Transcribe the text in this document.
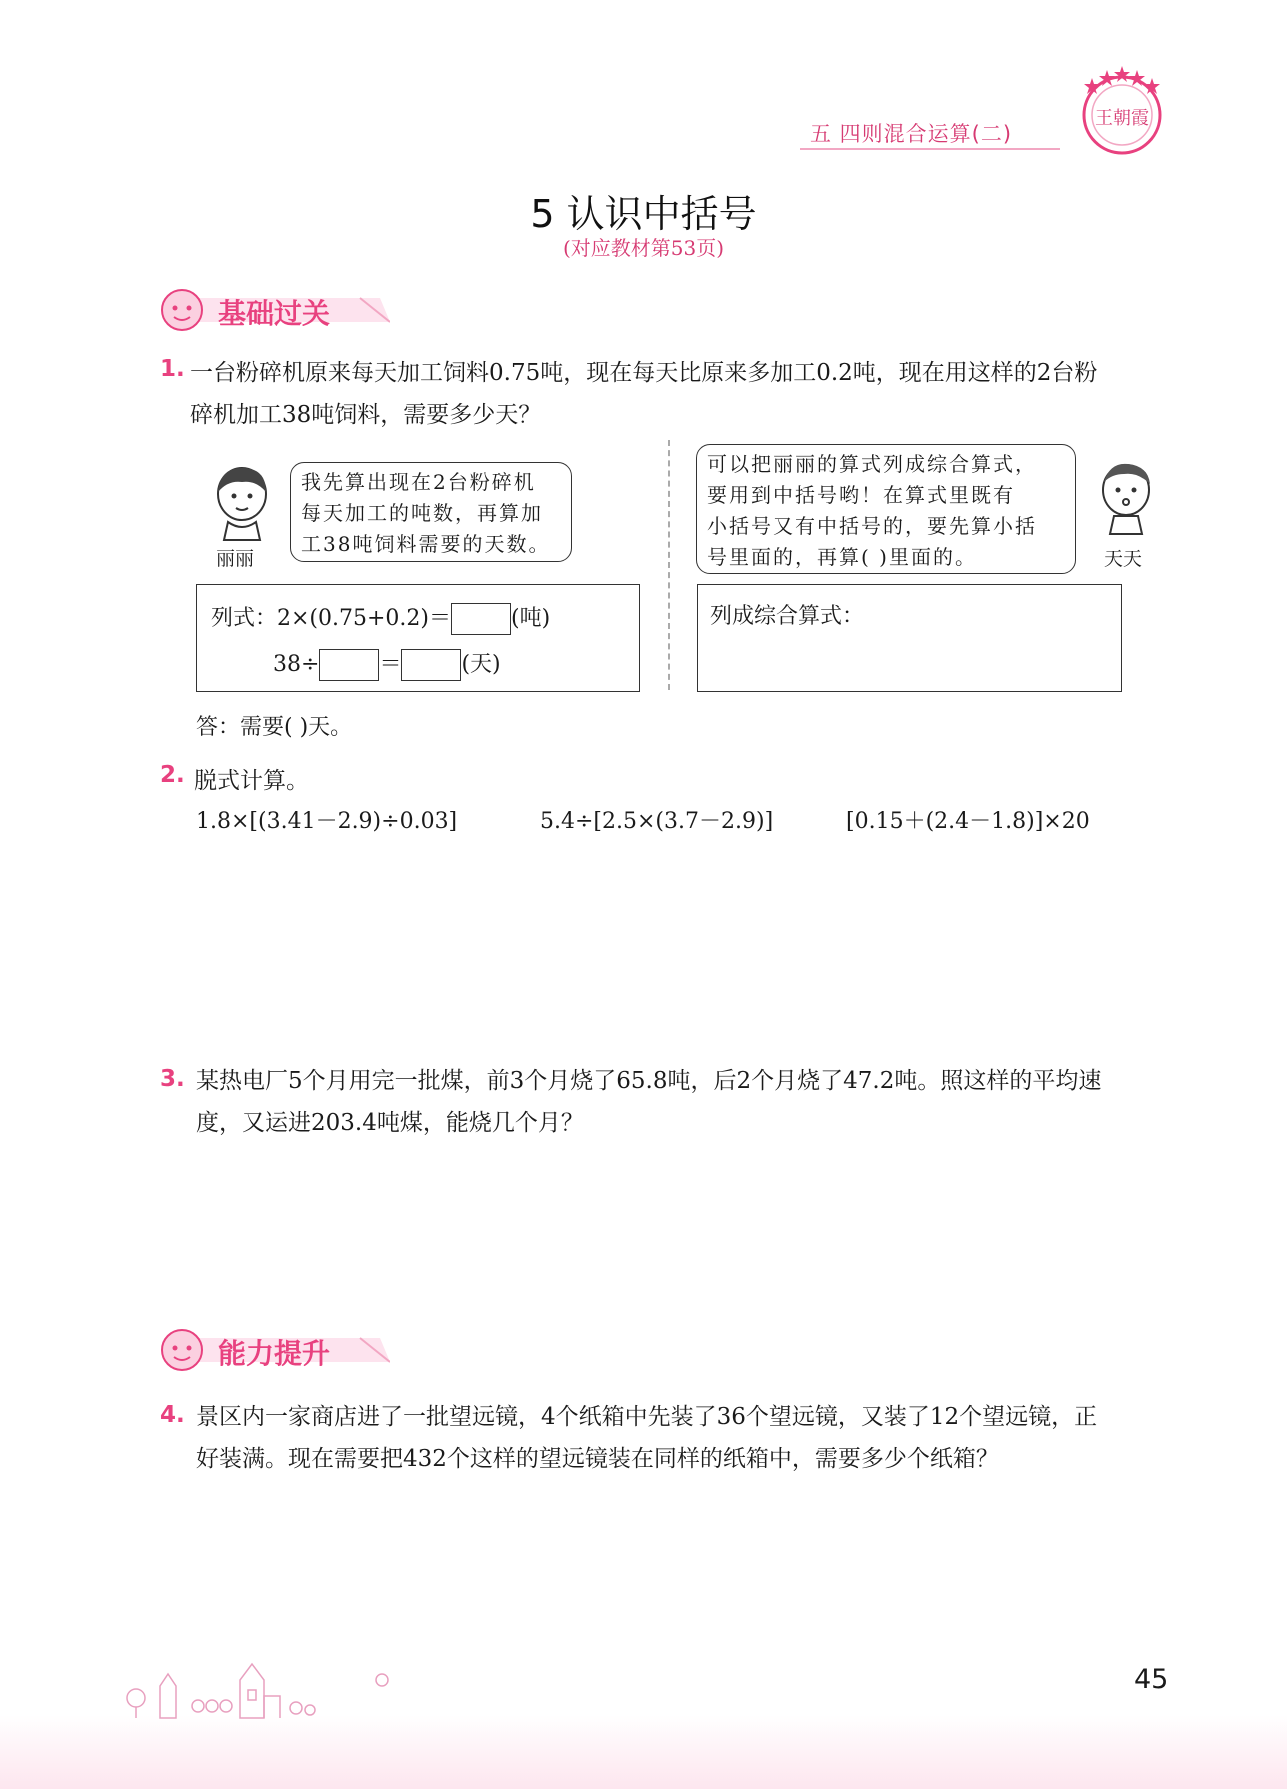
五 四则混合运算(二)
王朝霞
5 认识中括号
(对应教材第53页)
基础过关
1. 一台粉碎机原来每天加工饲料0.75吨，现在每天比原来多加工0.2吨，现在用这样的2台粉
碎机加工38吨饲料，需要多少天？
丽丽
我先算出现在2台粉碎机
每天加工的吨数，再算加
工38吨饲料需要的天数。
可以把丽丽的算式列成综合算式，
要用到中括号哟！在算式里既有
小括号又有中括号的，要先算小括
号里面的，再算( )里面的。	天天
列式：2×(0.75+0.2)＝	(吨)
38÷	＝	(天)
列成综合算式：
答：需要( )天。
2. 脱式计算。
1.8×[(3.41－2.9)÷0.03]	5.4÷[2.5×(3.7－2.9)]	[0.15＋(2.4－1.8)]×20
3. 某热电厂5个月用完一批煤，前3个月烧了65.8吨，后2个月烧了47.2吨。照这样的平均速
度，又运进203.4吨煤，能烧几个月？
能力提升
4. 景区内一家商店进了一批望远镜，4个纸箱中先装了36个望远镜，又装了12个望远镜，正
好装满。现在需要把432个这样的望远镜装在同样的纸箱中，需要多少个纸箱？
45
